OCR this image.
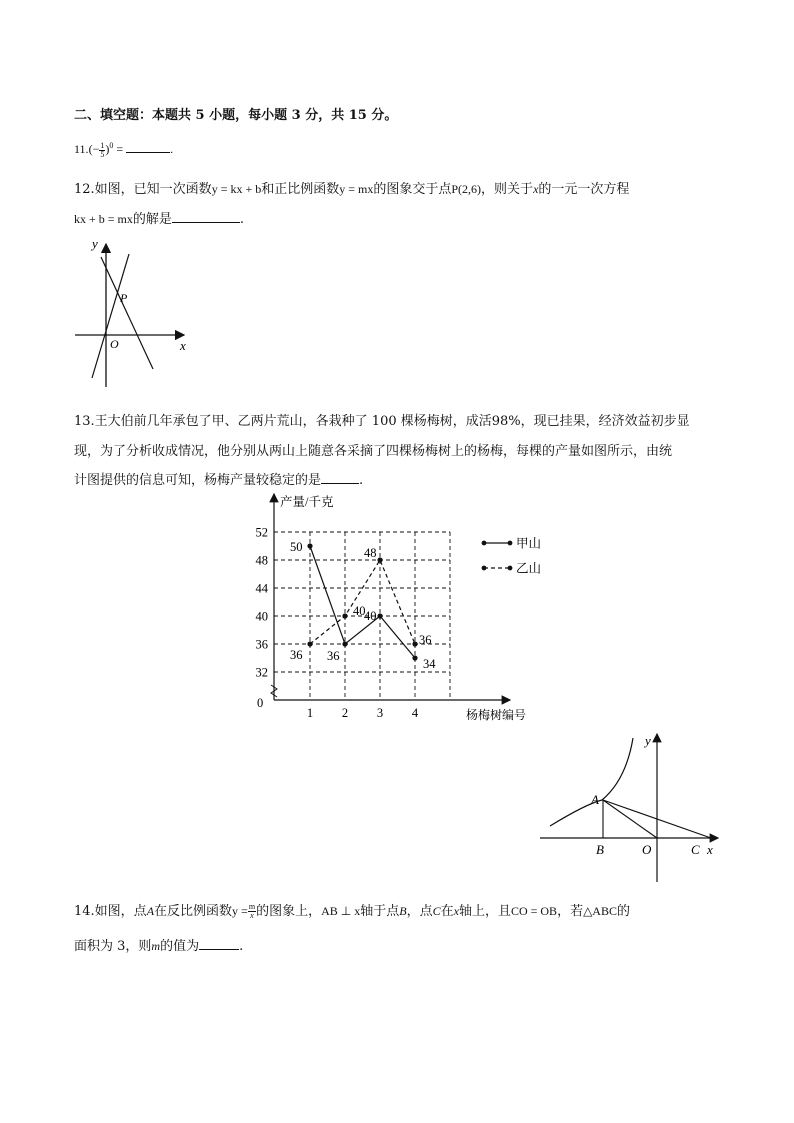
二、填空题：本题共 5 小题，每小题 3 分，共 15 分。
$11.(- \frac{1}{5} )^0$ =	.
12.如图，已知一次函数y = kx + b和正比例函数y = mx的图象交于点P(2,6)，则关于x的一元一次方程
kx + b = mx的解是	.
y
x
O
P
13.王大伯前几年承包了甲、乙两片荒山，各栽种了 100 棵杨梅树，成活98%，现已挂果，经济效益初步显
现，为了分析收成情况，他分别从两山上随意各采摘了四棵杨梅树上的杨梅，每棵的产量如图所示，由统
计图提供的信息可知，杨梅产量较稳定的是	.
产量/千克
杨梅树编号
0
52
48
44
40
36
32
1 2 3 4
50
36
40
34
36
40
48
36
甲山
乙山
A
B	O	C x
y
14.如图，点A在反比例函数$y = \frac{m}{x}$ 的图象上，AB ⊥ x轴于点B，点C在x轴上，且CO = OB，若△ABC的
面积为 3，则m的值为	.
